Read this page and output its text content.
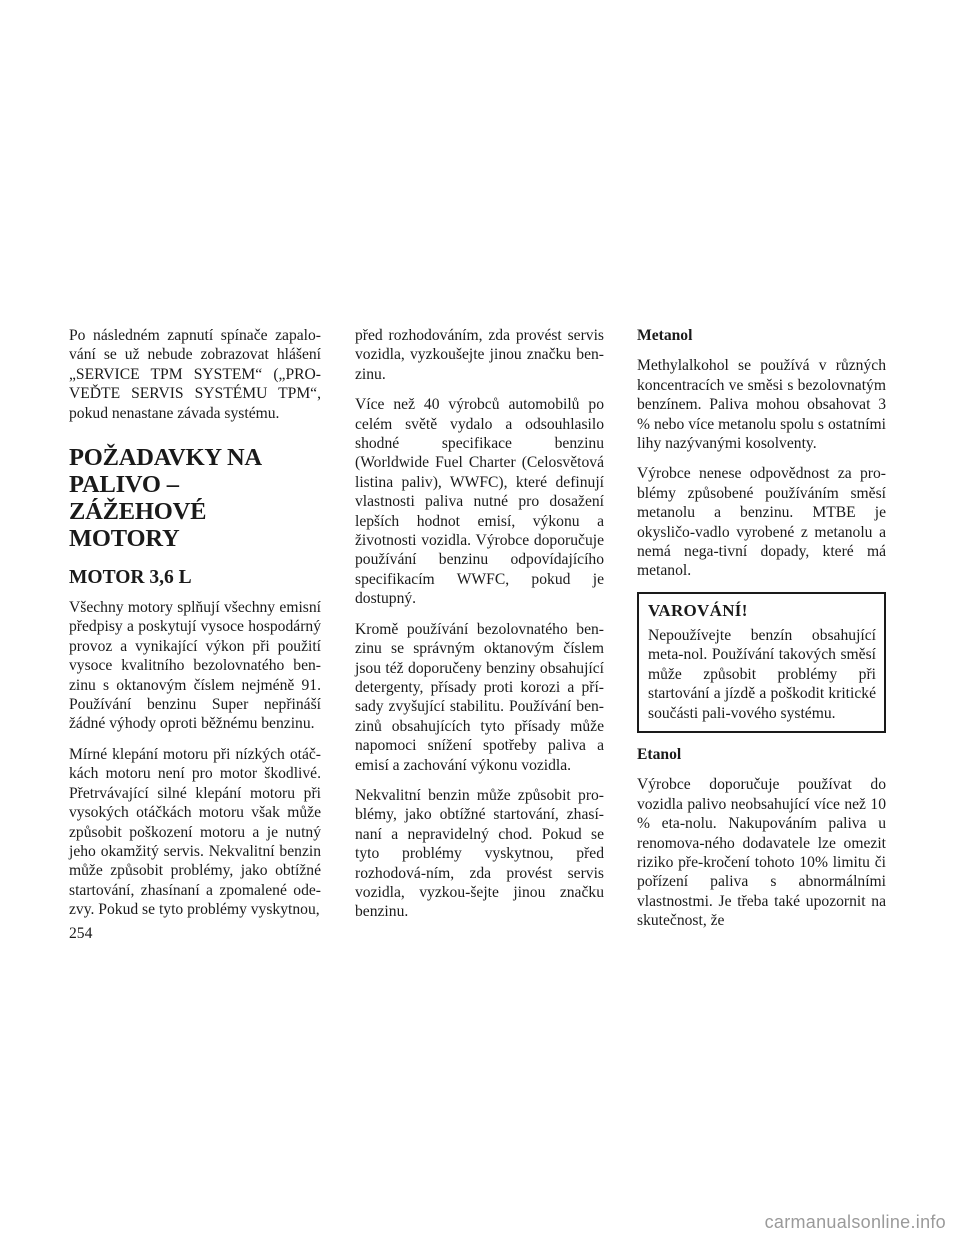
Po následném zapnutí spínače zapalo-vání se už nebude zobrazovat hlášení „SERVICE TPM SYSTEM“ („PRO-VEĎTE SERVIS SYSTÉMU TPM“, pokud nenastane závada systému.

POŽADAVKY NA PALIVO – ZÁŽEHOVÉ MOTORY
MOTOR 3,6 L

Všechny motory splňují všechny emisní předpisy a poskytují vysoce hospodárný provoz a vynikající výkon při použití vysoce kvalitního bezolovnatého ben-zinu s oktanovým číslem nejméně 91. Používání benzinu Super nepřináší žádné výhody oproti běžnému benzinu.

Mírné klepání motoru při nízkých otáč-kách motoru není pro motor škodlivé. Přetrvávající silné klepání motoru při vysokých otáčkách motoru však může způsobit poškození motoru a je nutný jeho okamžitý servis. Nekvalitní benzin může způsobit problémy, jako obtížné startování, zhasínaní a zpomalené ode-zvy. Pokud se tyto problémy vyskytnou,

před rozhodováním, zda provést servis vozidla, vyzkoušejte jinou značku ben-zinu.

Více než 40 výrobců automobilů po celém světě vydalo a odsouhlasilo shodné specifikace benzinu (Worldwide Fuel Charter (Celosvětová listina paliv), WWFC), které definují vlastnosti paliva nutné pro dosažení lepších hodnot emisí, výkonu a životnosti vozidla. Výrobce doporučuje používání benzinu odpovídajícího specifikacím WWFC, pokud je dostupný.

Kromě používání bezolovnatého ben-zinu se správným oktanovým číslem jsou též doporučeny benziny obsahující detergenty, přísady proti korozi a pří-sady zvyšující stabilitu. Používání ben-zinů obsahujících tyto přísady může napomoci snížení spotřeby paliva a emisí a zachování výkonu vozidla.

Nekvalitní benzin může způsobit pro-blémy, jako obtížné startování, zhasí-naní a nepravidelný chod. Pokud se tyto problémy vyskytnou, před rozhodová-ním, zda provést servis vozidla, vyzkou-šejte jinou značku benzinu.

Metanol

Methylalkohol se používá v různých koncentracích ve směsi s bezolovnatým benzínem. Paliva mohou obsahovat 3 % nebo více metanolu spolu s ostatními lihy nazývanými kosolventy.

Výrobce nenese odpovědnost za pro-blémy způsobené používáním směsí metanolu a benzinu. MTBE je okysličo-vadlo vyrobené z metanolu a nemá nega-tivní dopady, které má metanol.

VAROVÁNÍ!

Nepoužívejte benzín obsahující meta-nol. Používání takových směsí může způsobit problémy při startování a jízdě a poškodit kritické součásti pali-vového systému.

Etanol

Výrobce doporučuje používat do vozidla palivo neobsahující více než 10 % eta-nolu. Nakupováním paliva u renomova-ného dodavatele lze omezit riziko pře-kročení tohoto 10% limitu či pořízení paliva s abnormálními vlastnostmi. Je třeba také upozornit na skutečnost, že

254
carmanualsonline.info
